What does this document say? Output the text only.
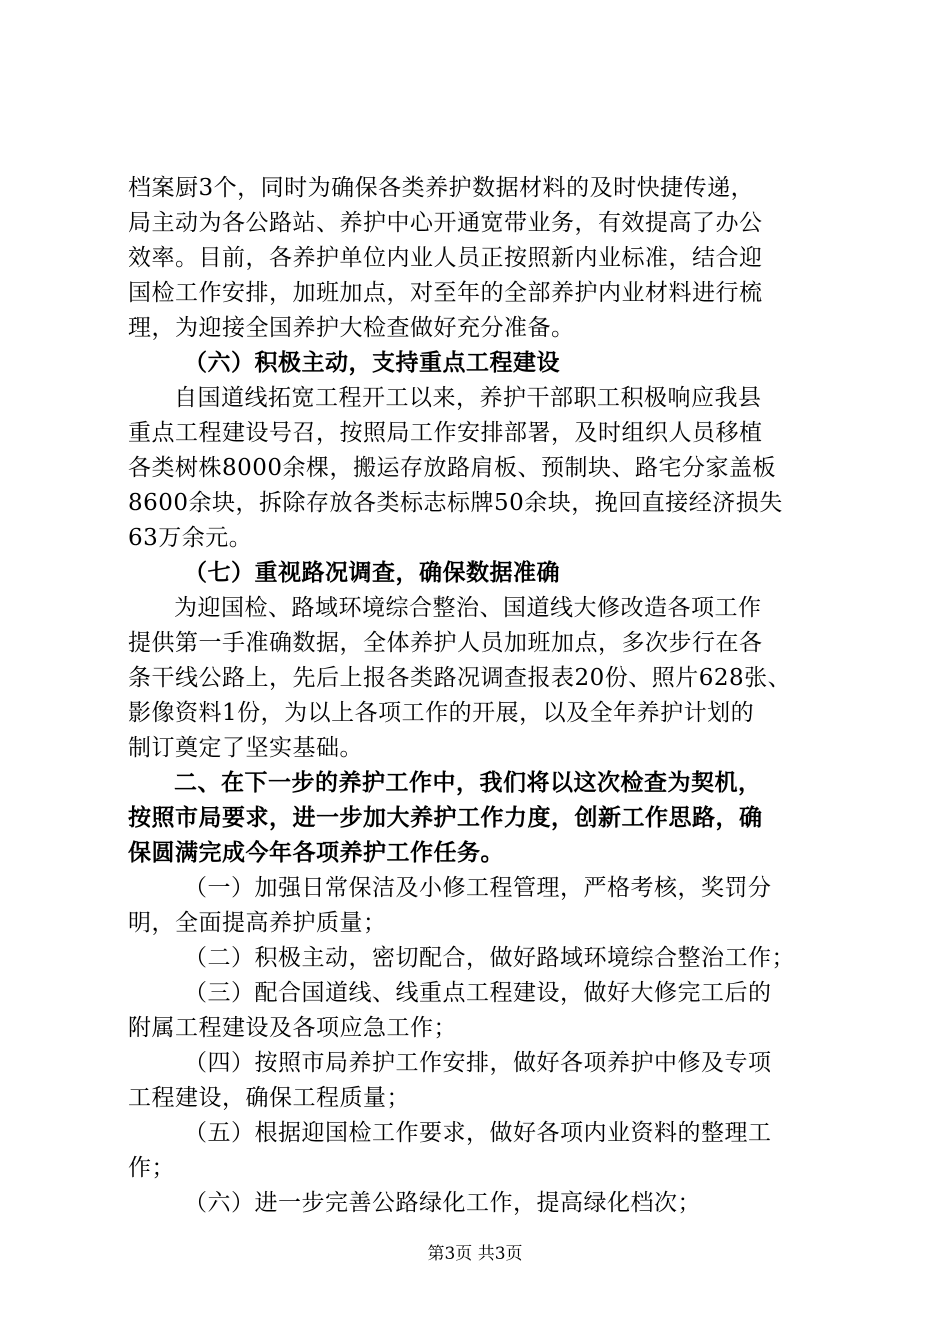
档案厨3个，同时为确保各类养护数据材料的及时快捷传递，
局主动为各公路站、养护中心开通宽带业务，有效提高了办公
效率。目前，各养护单位内业人员正按照新内业标准，结合迎
国检工作安排，加班加点，对至年的全部养护内业材料进行梳
理，为迎接全国养护大检查做好充分准备。
（六）积极主动，支持重点工程建设
自国道线拓宽工程开工以来，养护干部职工积极响应我县
重点工程建设号召，按照局工作安排部署，及时组织人员移植
各类树株8000余棵，搬运存放路肩板、预制块、路宅分家盖板
8600余块，拆除存放各类标志标牌50余块，挽回直接经济损失
63万余元。
（七）重视路况调查，确保数据准确
为迎国检、路域环境综合整治、国道线大修改造各项工作
提供第一手准确数据，全体养护人员加班加点，多次步行在各
条干线公路上，先后上报各类路况调查报表20份、照片628张、
影像资料1份，为以上各项工作的开展，以及全年养护计划的
制订奠定了坚实基础。
二、在下一步的养护工作中，我们将以这次检查为契机，
按照市局要求，进一步加大养护工作力度，创新工作思路，确
保圆满完成今年各项养护工作任务。
（一）加强日常保洁及小修工程管理，严格考核，奖罚分
明，全面提高养护质量；
（二）积极主动，密切配合，做好路域环境综合整治工作；
（三）配合国道线、线重点工程建设，做好大修完工后的
附属工程建设及各项应急工作；
（四）按照市局养护工作安排，做好各项养护中修及专项
工程建设，确保工程质量；
（五）根据迎国检工作要求，做好各项内业资料的整理工
作；
（六）进一步完善公路绿化工作，提高绿化档次；
第3页 共3页
